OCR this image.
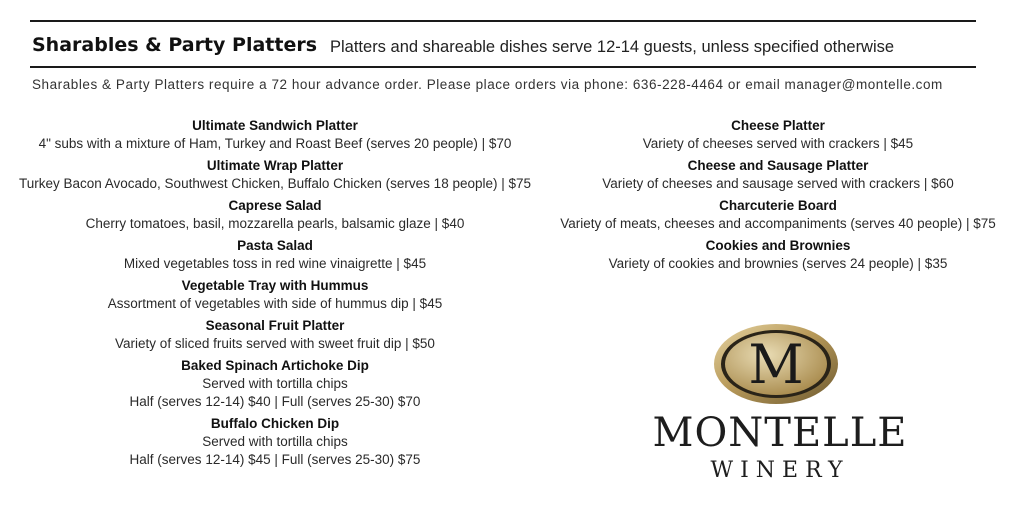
Sharables & Party Platters Platters and shareable dishes serve 12-14 guests, unless specified otherwise
Sharables & Party Platters require a 72 hour advance order. Please place orders via phone: 636-228-4464 or email manager@montelle.com
Ultimate Sandwich Platter
4" subs with a mixture of Ham, Turkey and Roast Beef (serves 20 people) | $70
Ultimate Wrap Platter
Turkey Bacon Avocado, Southwest Chicken, Buffalo Chicken (serves 18 people) | $75
Caprese Salad
Cherry tomatoes, basil, mozzarella pearls, balsamic glaze | $40
Pasta Salad
Mixed vegetables toss in red wine vinaigrette | $45
Vegetable Tray with Hummus
Assortment of vegetables with side of hummus dip | $45
Seasonal Fruit Platter
Variety of sliced fruits served with sweet fruit dip | $50
Baked Spinach Artichoke Dip
Served with tortilla chips
Half (serves 12-14) $40 | Full (serves 25-30) $70
Buffalo Chicken Dip
Served with tortilla chips
Half (serves 12-14) $45 | Full (serves 25-30) $75
Cheese Platter
Variety of cheeses served with crackers | $45
Cheese and Sausage Platter
Variety of cheeses and sausage served with crackers | $60
Charcuterie Board
Variety of meats, cheeses and accompaniments (serves 40 people) | $75
Cookies and Brownies
Variety of cookies and brownies (serves 24 people) | $35
M
MONTELLE
WINERY
